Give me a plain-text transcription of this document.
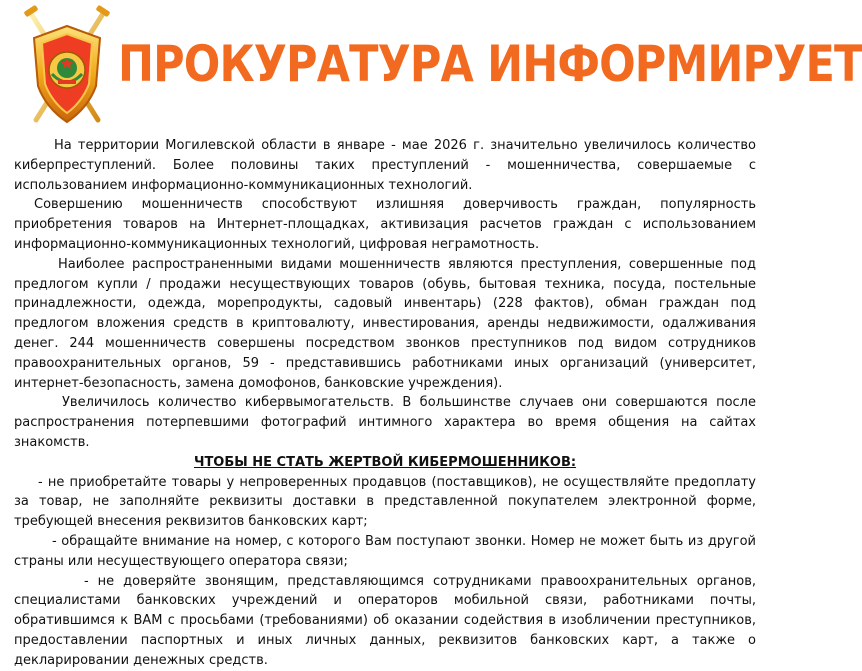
ПРОКУРАТУРА ИНФОРМИРУЕТ

На территории Могилевской области в январе - мае 2026 г. значительно увеличилось количество киберпреступлений. Более половины таких преступлений - мошенничества, совершаемые с использованием информационно-коммуникационных технологий.

Совершению мошенничеств способствуют излишняя доверчивость граждан, популярность приобретения товаров на Интернет-площадках, активизация расчетов граждан с использованием информационно-коммуникационных технологий, цифровая неграмотность.

Наиболее распространенными видами мошенничеств являются преступления, совершенные под предлогом купли / продажи несуществующих товаров (обувь, бытовая техника, посуда, постельные принадлежности, одежда, морепродукты, садовый инвентарь) (228 фактов), обман граждан под предлогом вложения средств в криптовалюту, инвестирования, аренды недвижимости, одалживания денег. 244 мошенничеств совершены посредством звонков преступников под видом сотрудников правоохранительных органов, 59 - представившись работниками иных организаций (университет, интернет-безопасность, замена домофонов, банковские учреждения).

Увеличилось количество кибервымогательств. В большинстве случаев они совершаются после распространения потерпевшими фотографий интимного характера во время общения на сайтах знакомств.

ЧТОБЫ НЕ СТАТЬ ЖЕРТВОЙ КИБЕРМОШЕННИКОВ:

- не приобретайте товары у непроверенных продавцов (поставщиков), не осуществляйте предоплату за товар, не заполняйте реквизиты доставки в представленной покупателем электронной форме, требующей внесения реквизитов банковских карт;

- обращайте внимание на номер, с которого Вам поступают звонки. Номер не может быть из другой страны или несуществующего оператора связи;

- не доверяйте звонящим, представляющимся сотрудниками правоохранительных органов, специалистами банковских учреждений и операторов мобильной связи, работниками почты, обратившимся к ВАМ с просьбами (требованиями) об оказании содействия в изобличении преступников, предоставлении паспортных и иных личных данных, реквизитов банковских карт, а также о декларировании денежных средств.
